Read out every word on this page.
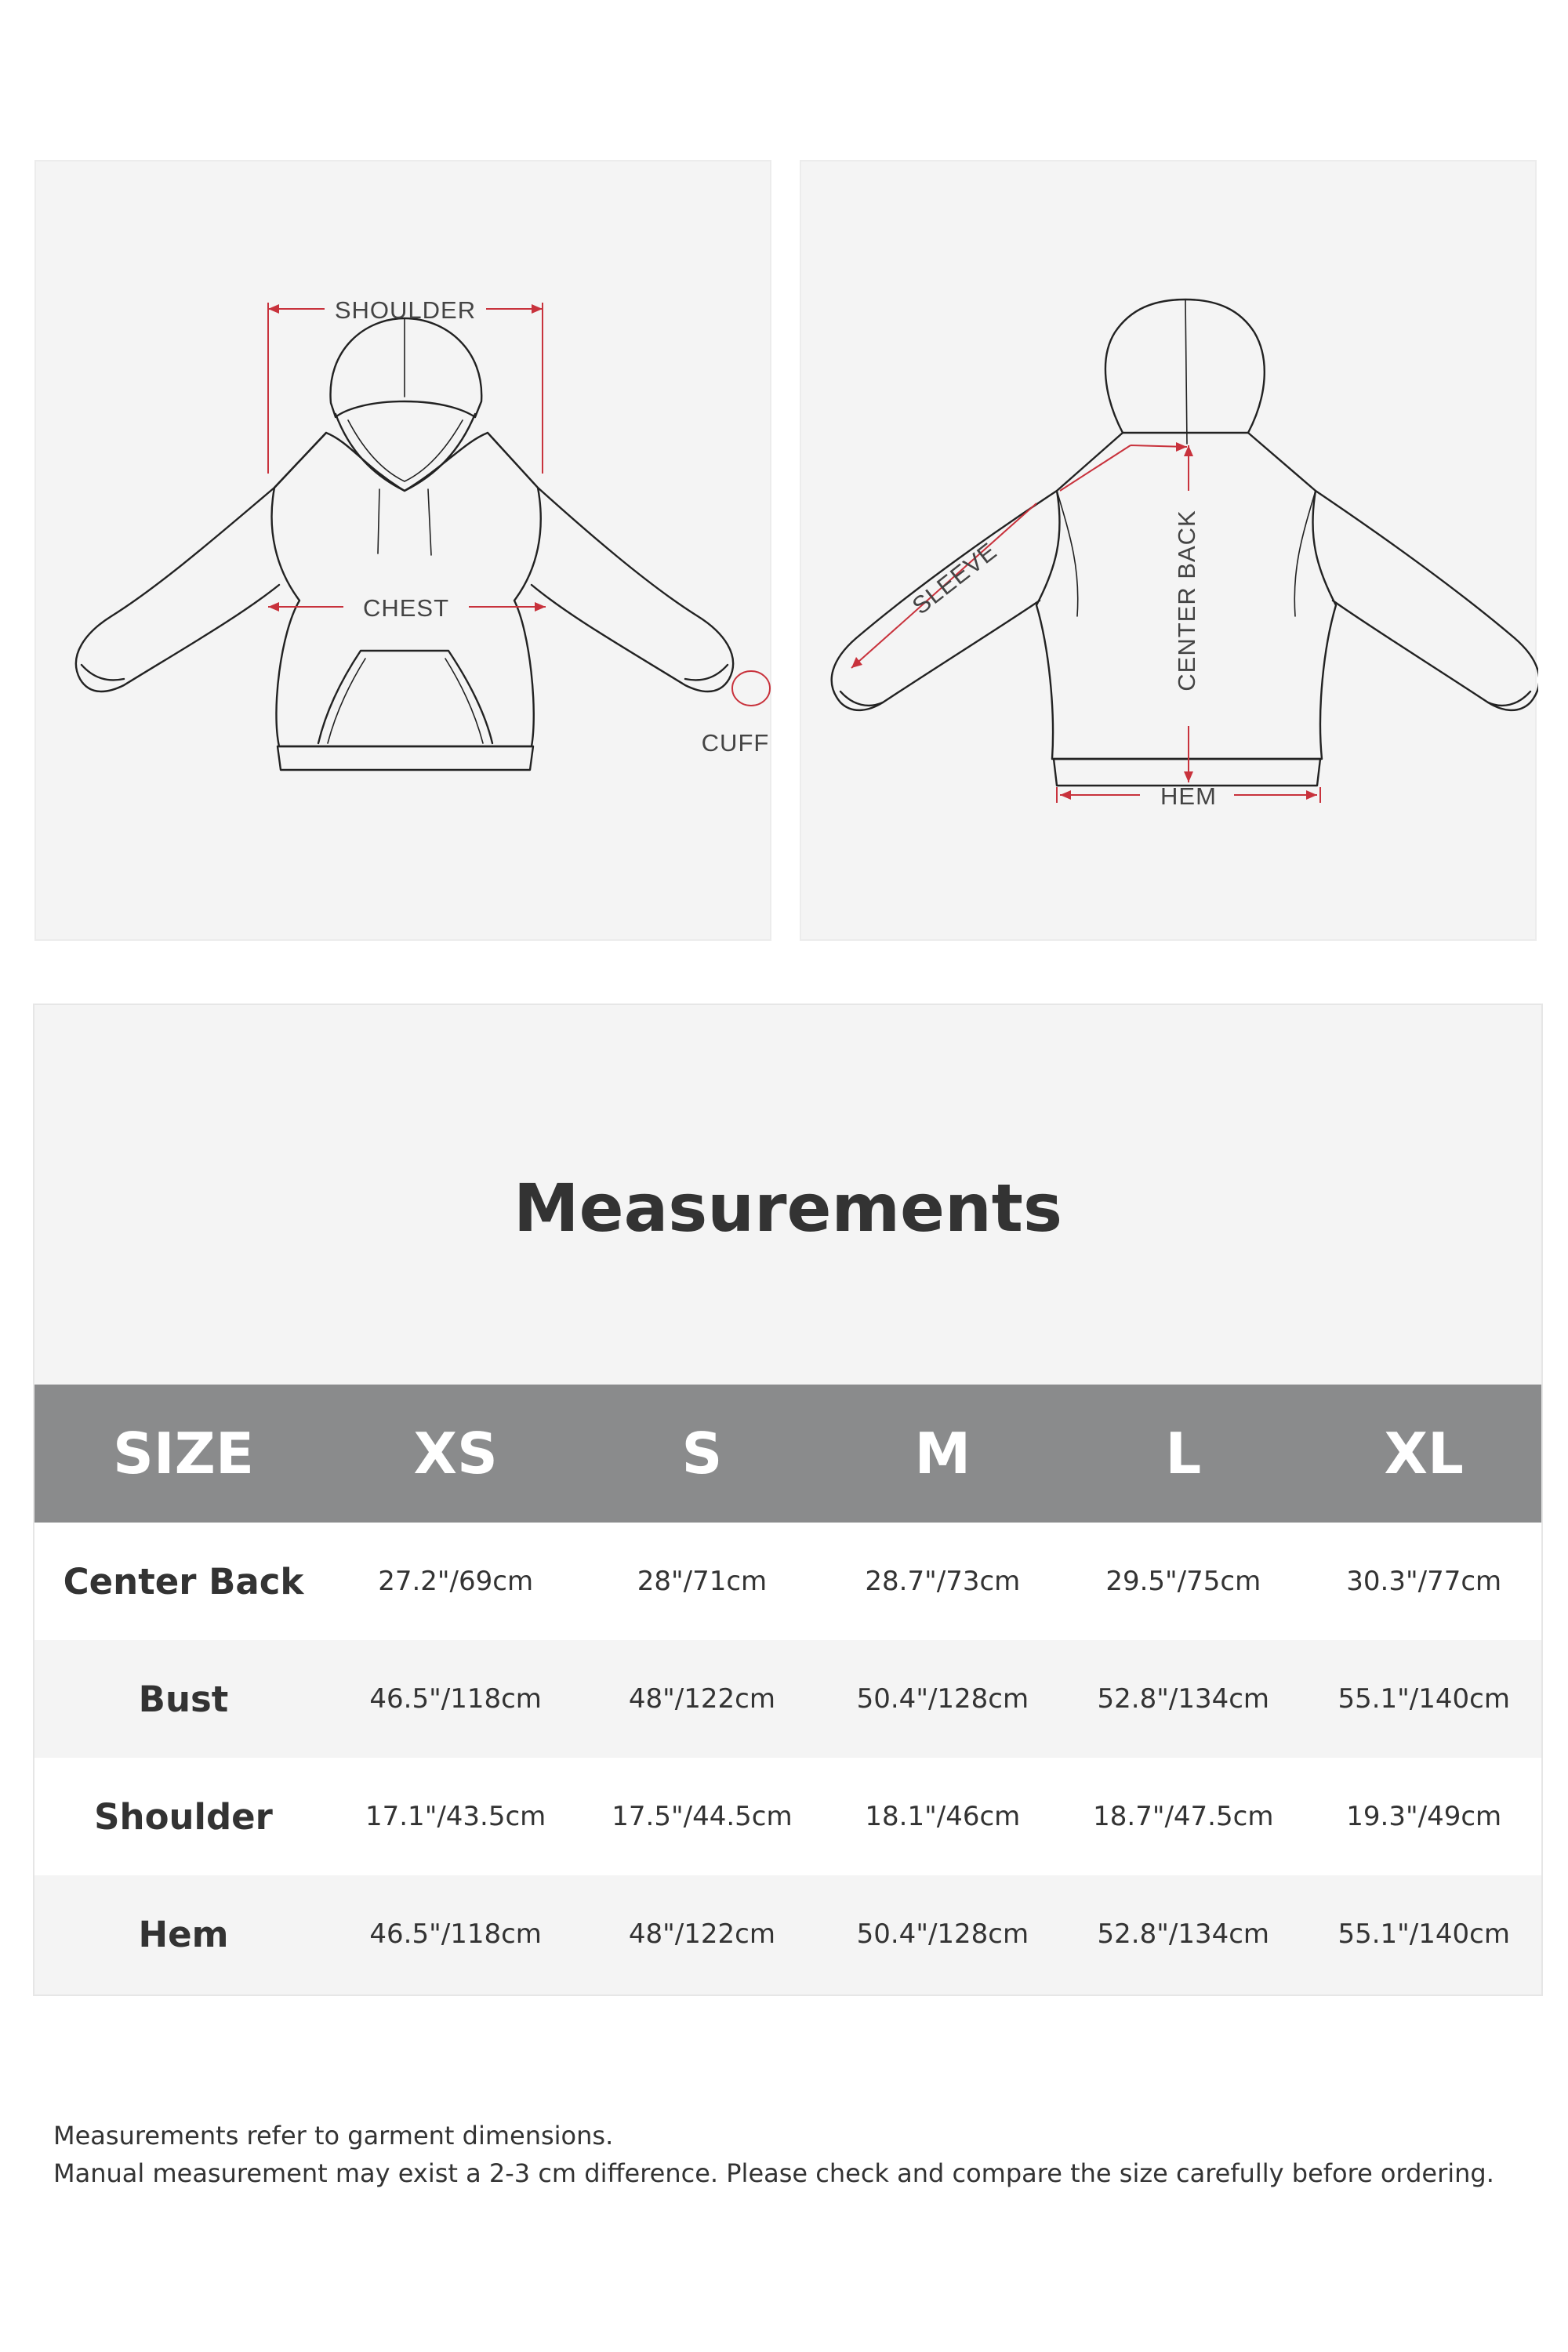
SHOULDER
CHEST
CUFF
SLEEVE	CENTER BACK
HEM
Measurements
SIZE	XS	S	M	L	XL
Center Back	27.2"/69cm	28"/71cm	28.7"/73cm	29.5"/75cm	30.3"/77cm
Bust	46.5"/118cm	48"/122cm	50.4"/128cm	52.8"/134cm	55.1"/140cm
Shoulder	17.1"/43.5cm	17.5"/44.5cm	18.1"/46cm	18.7"/47.5cm	19.3"/49cm
Hem	46.5"/118cm	48"/122cm	50.4"/128cm	52.8"/134cm	55.1"/140cm

Measurements refer to garment dimensions.

Manual measurement may exist a 2-3 cm difference. Please check and compare the size carefully before ordering.
